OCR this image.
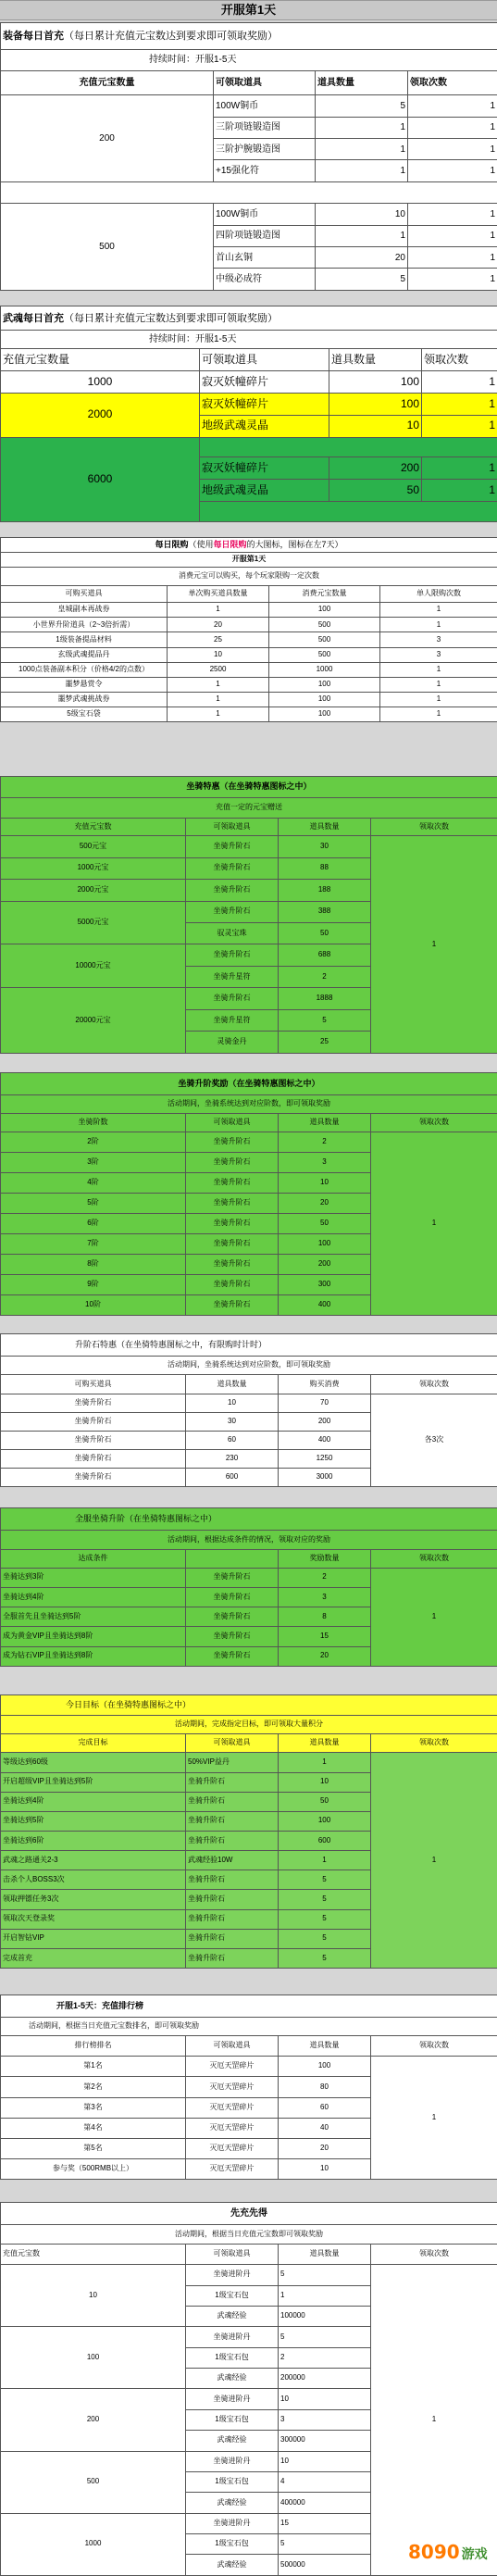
开服第1天
装备每日首充（每日累计充值元宝数达到要求即可领取奖励）			
持续时间：开服1-5天			
充值元宝数量	可领取道具	道具数量	领取次数
200	100W铜币	5	1
	三阶项链锻造图	1	1
	三阶护腕锻造图	1	1
	+15强化符	1	1

500	100W铜币	10	1
	四阶项链锻造图	1	1
	首山玄铜	20	1
	中级必成符	5	1
武魂每日首充（每日累计充值元宝数达到要求即可领取奖励）			
持续时间：开服1-5天			
充值元宝数量	可领取道具	道具数量	领取次数
1000	寂灭妖幢碎片	100	1
2000	寂灭妖幢碎片	100	1
	地级武魂灵晶	10	1
6000			
	寂灭妖幢碎片	200	1
	地级武魂灵晶	50	1

每日限购（使用每日限购的大图标，图标在左7天）			
开服第1天			
消费元宝可以购买，每个玩家限购一定次数			
可购买道具	单次购买道具数量	消费元宝数量	单人限购次数
皇城副本再战券	1	100	1
小世界升阶道具（2~3倍折需）	20	500	1
1级装备提品材料	25	500	3
玄级武魂提品丹	10	500	3
1000点装备副本积分（价格4/2的点数）	2500	1000	1
噩梦悬赏令	1	100	1
噩梦武魂挑战券	1	100	1
5级宝石袋	1	100	1
坐骑特惠（在坐骑特惠图标之中）			
充值一定的元宝赠送			
充值元宝数	可领取道具	道具数量	领取次数
500元宝	坐骑升阶石	30	1
1000元宝	坐骑升阶石	88	
2000元宝	坐骑升阶石	188	
5000元宝	坐骑升阶石	388	
	驭灵宝珠	50	
10000元宝	坐骑升阶石	688	
	坐骑升星符	2	
20000元宝	坐骑升阶石	1888	
	坐骑升星符	5	
	灵骑金丹	25	
坐骑升阶奖励（在坐骑特惠图标之中）			
活动期间，坐骑系统达到对应阶数，即可领取奖励			
坐骑阶数	可领取道具	道具数量	领取次数
2阶	坐骑升阶石	2	1
3阶	坐骑升阶石	3	
4阶	坐骑升阶石	10	
5阶	坐骑升阶石	20	
6阶	坐骑升阶石	50	
7阶	坐骑升阶石	100	
8阶	坐骑升阶石	200	
9阶	坐骑升阶石	300	
10阶	坐骑升阶石	400	
升阶石特惠（在坐骑特惠图标之中，有限购时计时）			
活动期间，坐骑系统达到对应阶数，即可领取奖励			
可购买道具	道具数量	购买消费	领取次数
坐骑升阶石	10	70	各3次
坐骑升阶石	30	200	
坐骑升阶石	60	400	
坐骑升阶石	230	1250	
坐骑升阶石	600	3000	
全服坐骑升阶（在坐骑特惠图标之中）			
活动期间，根据达成条件的情况，领取对应的奖励			
达成条件		奖励数量	领取次数
坐骑达到3阶	坐骑升阶石	2	1
坐骑达到4阶	坐骑升阶石	3	
全服首先且坐骑达到5阶	坐骑升阶石	8	
成为黄金VIP且坐骑达到8阶	坐骑升阶石	15	
成为钻石VIP且坐骑达到8阶	坐骑升阶石	20	
今日目标（在坐骑特惠图标之中）			
活动期间，完成指定目标，即可领取大量积分			
完成目标	可领取道具	道具数量	领取次数
等级达到60级	50%VIP益丹	1	1
开启超级VIP且坐骑达到5阶	坐骑升阶石	10	
坐骑达到4阶	坐骑升阶石	50	
坐骑达到5阶	坐骑升阶石	100	
坐骑达到6阶	坐骑升阶石	600	
武魂之路通关2-3	武魂经验10W	1	
击杀个人BOSS3次	坐骑升阶石	5	
领取押镖任务3次	坐骑升阶石	5	
领取次天登录奖	坐骑升阶石	5	
开启智钻VIP	坐骑升阶石	5	
完成首充	坐骑升阶石	5	
开服1-5天：充值排行榜			
活动期间，根据当日充值元宝数排名，即可领取奖励			
排行榜排名	可领取道具	道具数量	领取次数
第1名	灭厄天罡碎片	100	1
第2名	灭厄天罡碎片	80	
第3名	灭厄天罡碎片	60	
第4名	灭厄天罡碎片	40	
第5名	灭厄天罡碎片	20	
参与奖（500RMB以上）	灭厄天罡碎片	10	
先充先得			
活动期间，根据当日充值元宝数即可领取奖励			
充值元宝数	可领取道具	道具数量	领取次数
10	坐骑进阶丹	5	1
	1级宝石包	1	
	武魂经验	100000	
100	坐骑进阶丹	5	
	1级宝石包	2	
	武魂经验	200000	
200	坐骑进阶丹	10	
	1级宝石包	3	
	武魂经验	300000	
500	坐骑进阶丹	10	
	1级宝石包	4	
	武魂经验	400000	
1000	坐骑进阶丹	15	
	1级宝石包	5	
	武魂经验	500000	
8090 游戏
